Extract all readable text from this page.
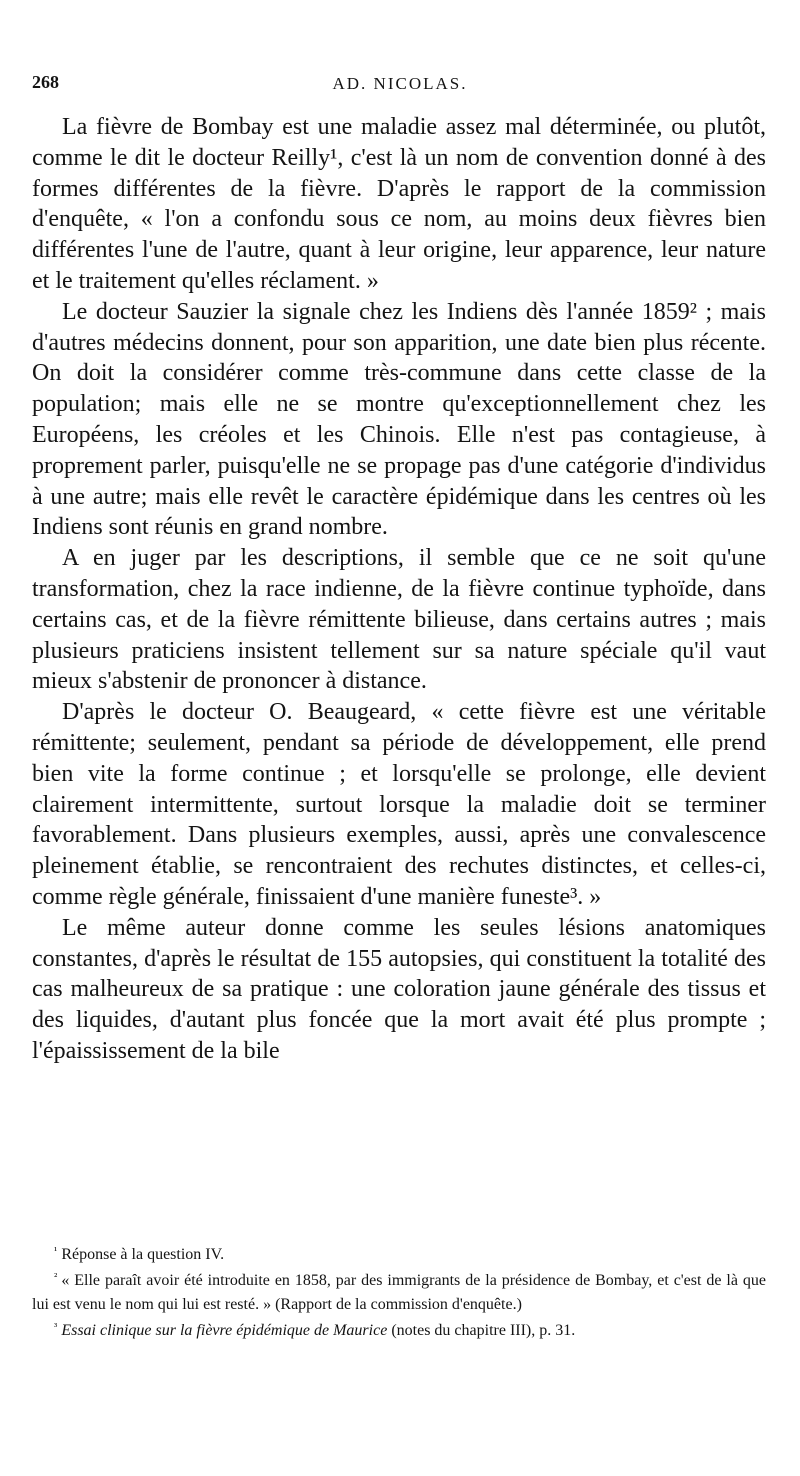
268	AD. NICOLAS.

La fièvre de Bombay est une maladie assez mal déterminée, ou plutôt, comme le dit le docteur Reilly¹, c'est là un nom de convention donné à des formes différentes de la fièvre. D'après le rapport de la commission d'enquête, « l'on a confondu sous ce nom, au moins deux fièvres bien différentes l'une de l'autre, quant à leur origine, leur apparence, leur nature et le traitement qu'elles réclament. »

Le docteur Sauzier la signale chez les Indiens dès l'année 1859² ; mais d'autres médecins donnent, pour son apparition, une date bien plus récente. On doit la considérer comme très-commune dans cette classe de la population; mais elle ne se montre qu'exceptionnellement chez les Européens, les créoles et les Chinois. Elle n'est pas contagieuse, à proprement parler, puisqu'elle ne se propage pas d'une catégorie d'individus à une autre; mais elle revêt le caractère épidémique dans les centres où les Indiens sont réunis en grand nombre.

A en juger par les descriptions, il semble que ce ne soit qu'une transformation, chez la race indienne, de la fièvre continue typhoïde, dans certains cas, et de la fièvre rémittente bilieuse, dans certains autres ; mais plusieurs praticiens insistent tellement sur sa nature spéciale qu'il vaut mieux s'abstenir de prononcer à distance.

D'après le docteur O. Beaugeard, « cette fièvre est une véritable rémittente; seulement, pendant sa période de développement, elle prend bien vite la forme continue ; et lorsqu'elle se prolonge, elle devient clairement intermittente, surtout lorsque la maladie doit se terminer favorablement. Dans plusieurs exemples, aussi, après une convalescence pleinement établie, se rencontraient des rechutes distinctes, et celles-ci, comme règle générale, finissaient d'une manière funeste³. »

Le même auteur donne comme les seules lésions anatomiques constantes, d'après le résultat de 155 autopsies, qui constituent la totalité des cas malheureux de sa pratique : une coloration jaune générale des tissus et des liquides, d'autant plus foncée que la mort avait été plus prompte ; l'épaississement de la bile

$^{^1}$ Réponse à la question IV.

$^{^2}$ « Elle paraît avoir été introduite en 1858, par des immigrants de la présidence de Bombay, et c'est de là que lui est venu le nom qui lui est resté. » (Rapport de la commission d'enquête.)

$^{^3}$ Essai clinique sur la fièvre épidémique de Maurice (notes du chapitre III), p. 31.
